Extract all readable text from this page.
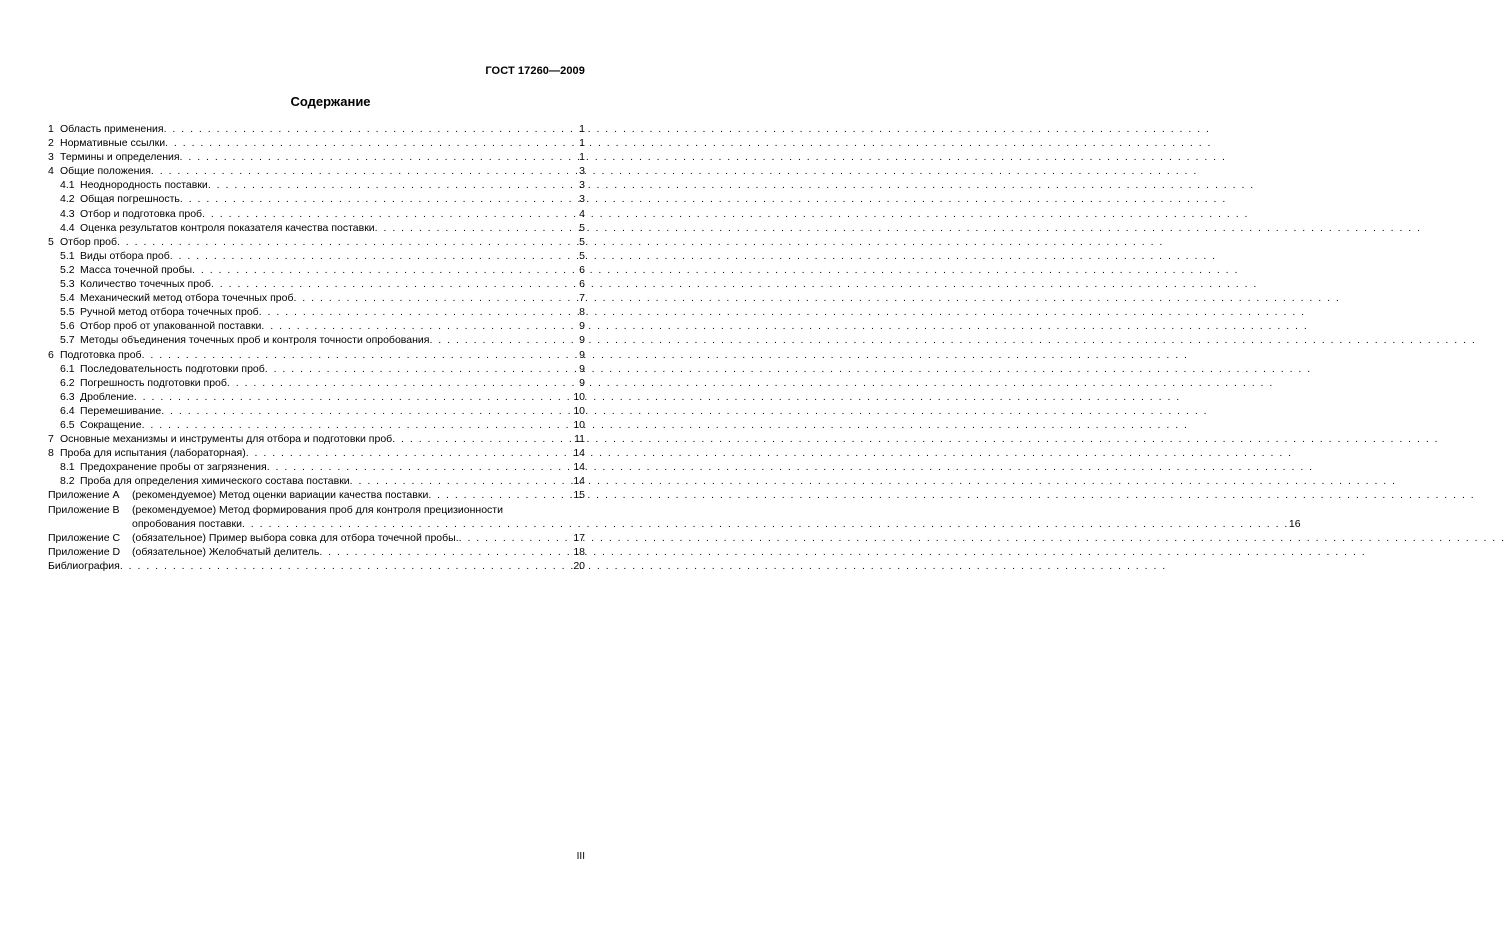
ГОСТ 17260—2009
Содержание
1 Область применения . . .	1
2 Нормативные ссылки . . .	1
3 Термины и определения . . .	1
4 Общие положения . . .	3
4.1 Неоднородность поставки . . .	3
4.2 Общая погрешность . . .	3
4.3 Отбор и подготовка проб . . .	4
4.4 Оценка результатов контроля показателя качества поставки . . .	5
5 Отбор проб . . .	5
5.1 Виды отбора проб . . .	5
5.2 Масса точечной пробы . . .	6
5.3 Количество точечных проб . . .	6
5.4 Механический метод отбора точечных проб . . .	7
5.5 Ручной метод отбора точечных проб . . .	8
5.6 Отбор проб от упакованной поставки . . .	9
5.7 Методы объединения точечных проб и контроля точности опробования . . .	9
6 Подготовка проб . . .	9
6.1 Последовательность подготовки проб . . .	9
6.2 Погрешность подготовки проб . . .	9
6.3 Дробление . . .	10
6.4 Перемешивание . . .	10
6.5 Сокращение . . .	10
7 Основные механизмы и инструменты для отбора и подготовки проб . . .	11
8 Проба для испытания (лабораторная) . . .	14
8.1 Предохранение пробы от загрязнения . . .	14
8.2 Проба для определения химического состава поставки . . .	14
Приложение А	(рекомендуемое) Метод оценки вариации качества поставки . . .	15
Приложение В	(рекомендуемое) Метод формирования проб для контроля прецизионности
опробования поставки . . .	16
Приложение С	(обязательное) Пример выбора совка для отбора точечной пробы. . . .	17
Приложение D	(обязательное) Желобчатый делитель . . .	18
Библиография . . .	20
III
